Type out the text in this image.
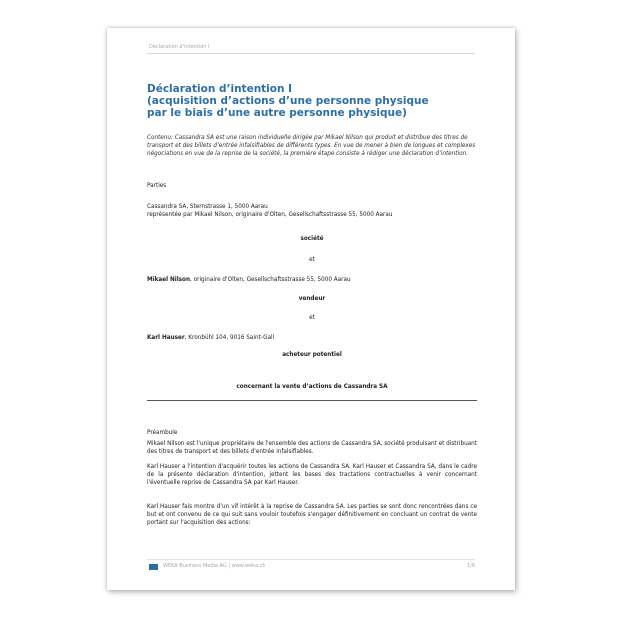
Déclaration d'intention I
Déclaration d’intention I
(acquisition d’actions d’une personne physique
par le biais d’une autre personne physique)
Contenu: Cassandra SA est une raison individuelle dirigée par Mikael Nilson qui produit et distribue des titres de transport et des billets d’entrée infalsifiables de différents types. En vue de mener à bien de longues et complexes négociations en vue de la reprise de la société, la première étape consiste à rédiger une déclaration d’intention.
Parties
Cassandra SA, Sternstrasse 1, 5000 Aarau
représentée par Mikael Nilson, originaire d'Olten, Gesellschaftsstrasse 55, 5000 Aarau
société
et
Mikael Nilson, originaire d'Olten, Gesellschaftsstrasse 55, 5000 Aarau
vendeur
et
Karl Hauser, Kronbühl 104, 9016 Saint-Gall
acheteur potentiel
concernant la vente d’actions de Cassandra SA
Préambule
Mikael Nilson est l'unique propriétaire de l'ensemble des actions de Cassandra SA, société produisant et distribuant des titres de transport et des billets d'entrée infalsifiables.
Karl Hauser a l'intention d'acquérir toutes les actions de Cassandra SA. Karl Hauser et Cassandra SA, dans le cadre de la présente déclaration d'intention, jettent les bases des tractations contractuelles à venir concernant l'éventuelle reprise de Cassandra SA par Karl Hauser.
Karl Hauser fais montre d’un vif intérêt à la reprise de Cassandra SA. Les parties se sont donc rencontrées dans ce but et ont convenu de ce qui suit sans vouloir toutefois s'engager définitivement en concluant un contrat de vente portant sur l'acquisition des actions:
WEKA Business Media AG | www.weka.ch	1/6
